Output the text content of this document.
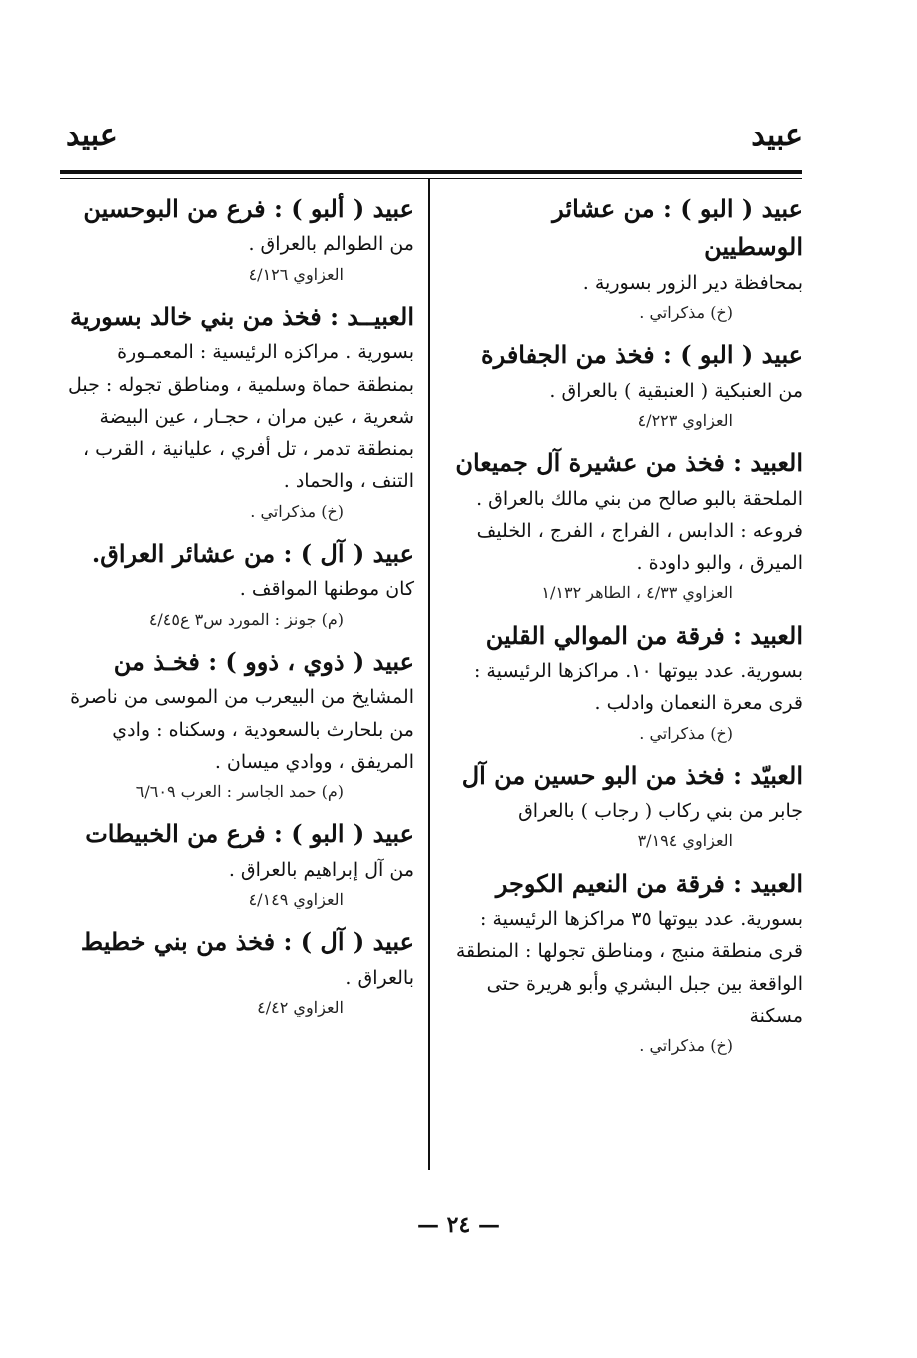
عبيد
عبيد

عبيد ( البو ) : من عشائر الوسطيين

بمحافظة دير الزور بسورية .

(خ) مذكراتي .

عبيد ( البو ) : فخذ من الجفافرة

من العنبكية ( العنبقية ) بالعراق .

العزاوي ٤/٢٢٣

العبيد : فخذ من عشيرة آل جميعان

الملحقة بالبو صالح من بني مالك بالعراق .

فروعه : الدابس ، الفراج ، الفرج ، الخليف

الميرق ، والبو داودة .

العزاوي ٤/٣٣ ، الطاهر ١/١٣٢

العبيد : فرقة من الموالي القلين

بسورية. عدد بيوتها ١٠. مراكزها الرئيسية :

قرى معرة النعمان وادلب .

(خ) مذكراتي .

العبيّد : فخذ من البو حسين من آل

جابر من بني ركاب ( رجاب ) بالعراق

العزاوي ٣/١٩٤

العبيد : فرقة من النعيم الكوجر

بسورية. عدد بيوتها ٣٥ مراكزها الرئيسية :

قرى منطقة منبج ، ومناطق تجولها : المنطقة

الواقعة بين جبل البشري وأبو هريرة حتى مسكنة

(خ) مذكراتي .

عبيد ( ألبو ) : فرع من البوحسين

من الطوالم بالعراق .

العزاوي ٤/١٢٦

العبيــد : فخذ من بني خالد بسورية

بسورية . مراكزه الرئيسية : المعمـورة

بمنطقة حماة وسلمية ، ومناطق تجوله : جبل

شعرية ، عين مران ، حجـار ، عين البيضة

بمنطقة تدمر ، تل أفري ، عليانية ، القرب ،

التنف ، والحماد .

(خ) مذكراتي .

عبيد ( آل ) : من عشائر العراق.

كان موطنها المواقف .

(م) جونز : المورد س٣ ع٤/٤٥

عبيد ( ذوي ، ذوو ) : فخـذ من

المشايخ من البيعرب من الموسى من ناصرة

من بلحارث بالسعودية ، وسكناه : وادي

المريفق ، ووادي ميسان .

(م) حمد الجاسر : العرب ٦/٦٠٩

عبيد ( البو ) : فرع من الخبيطات

من آل إبراهيم بالعراق .

العزاوي ٤/١٤٩

عبيد ( آل ) : فخذ من بني خطيط

بالعراق .

العزاوي ٤/٤٢

— ٢٤ —
